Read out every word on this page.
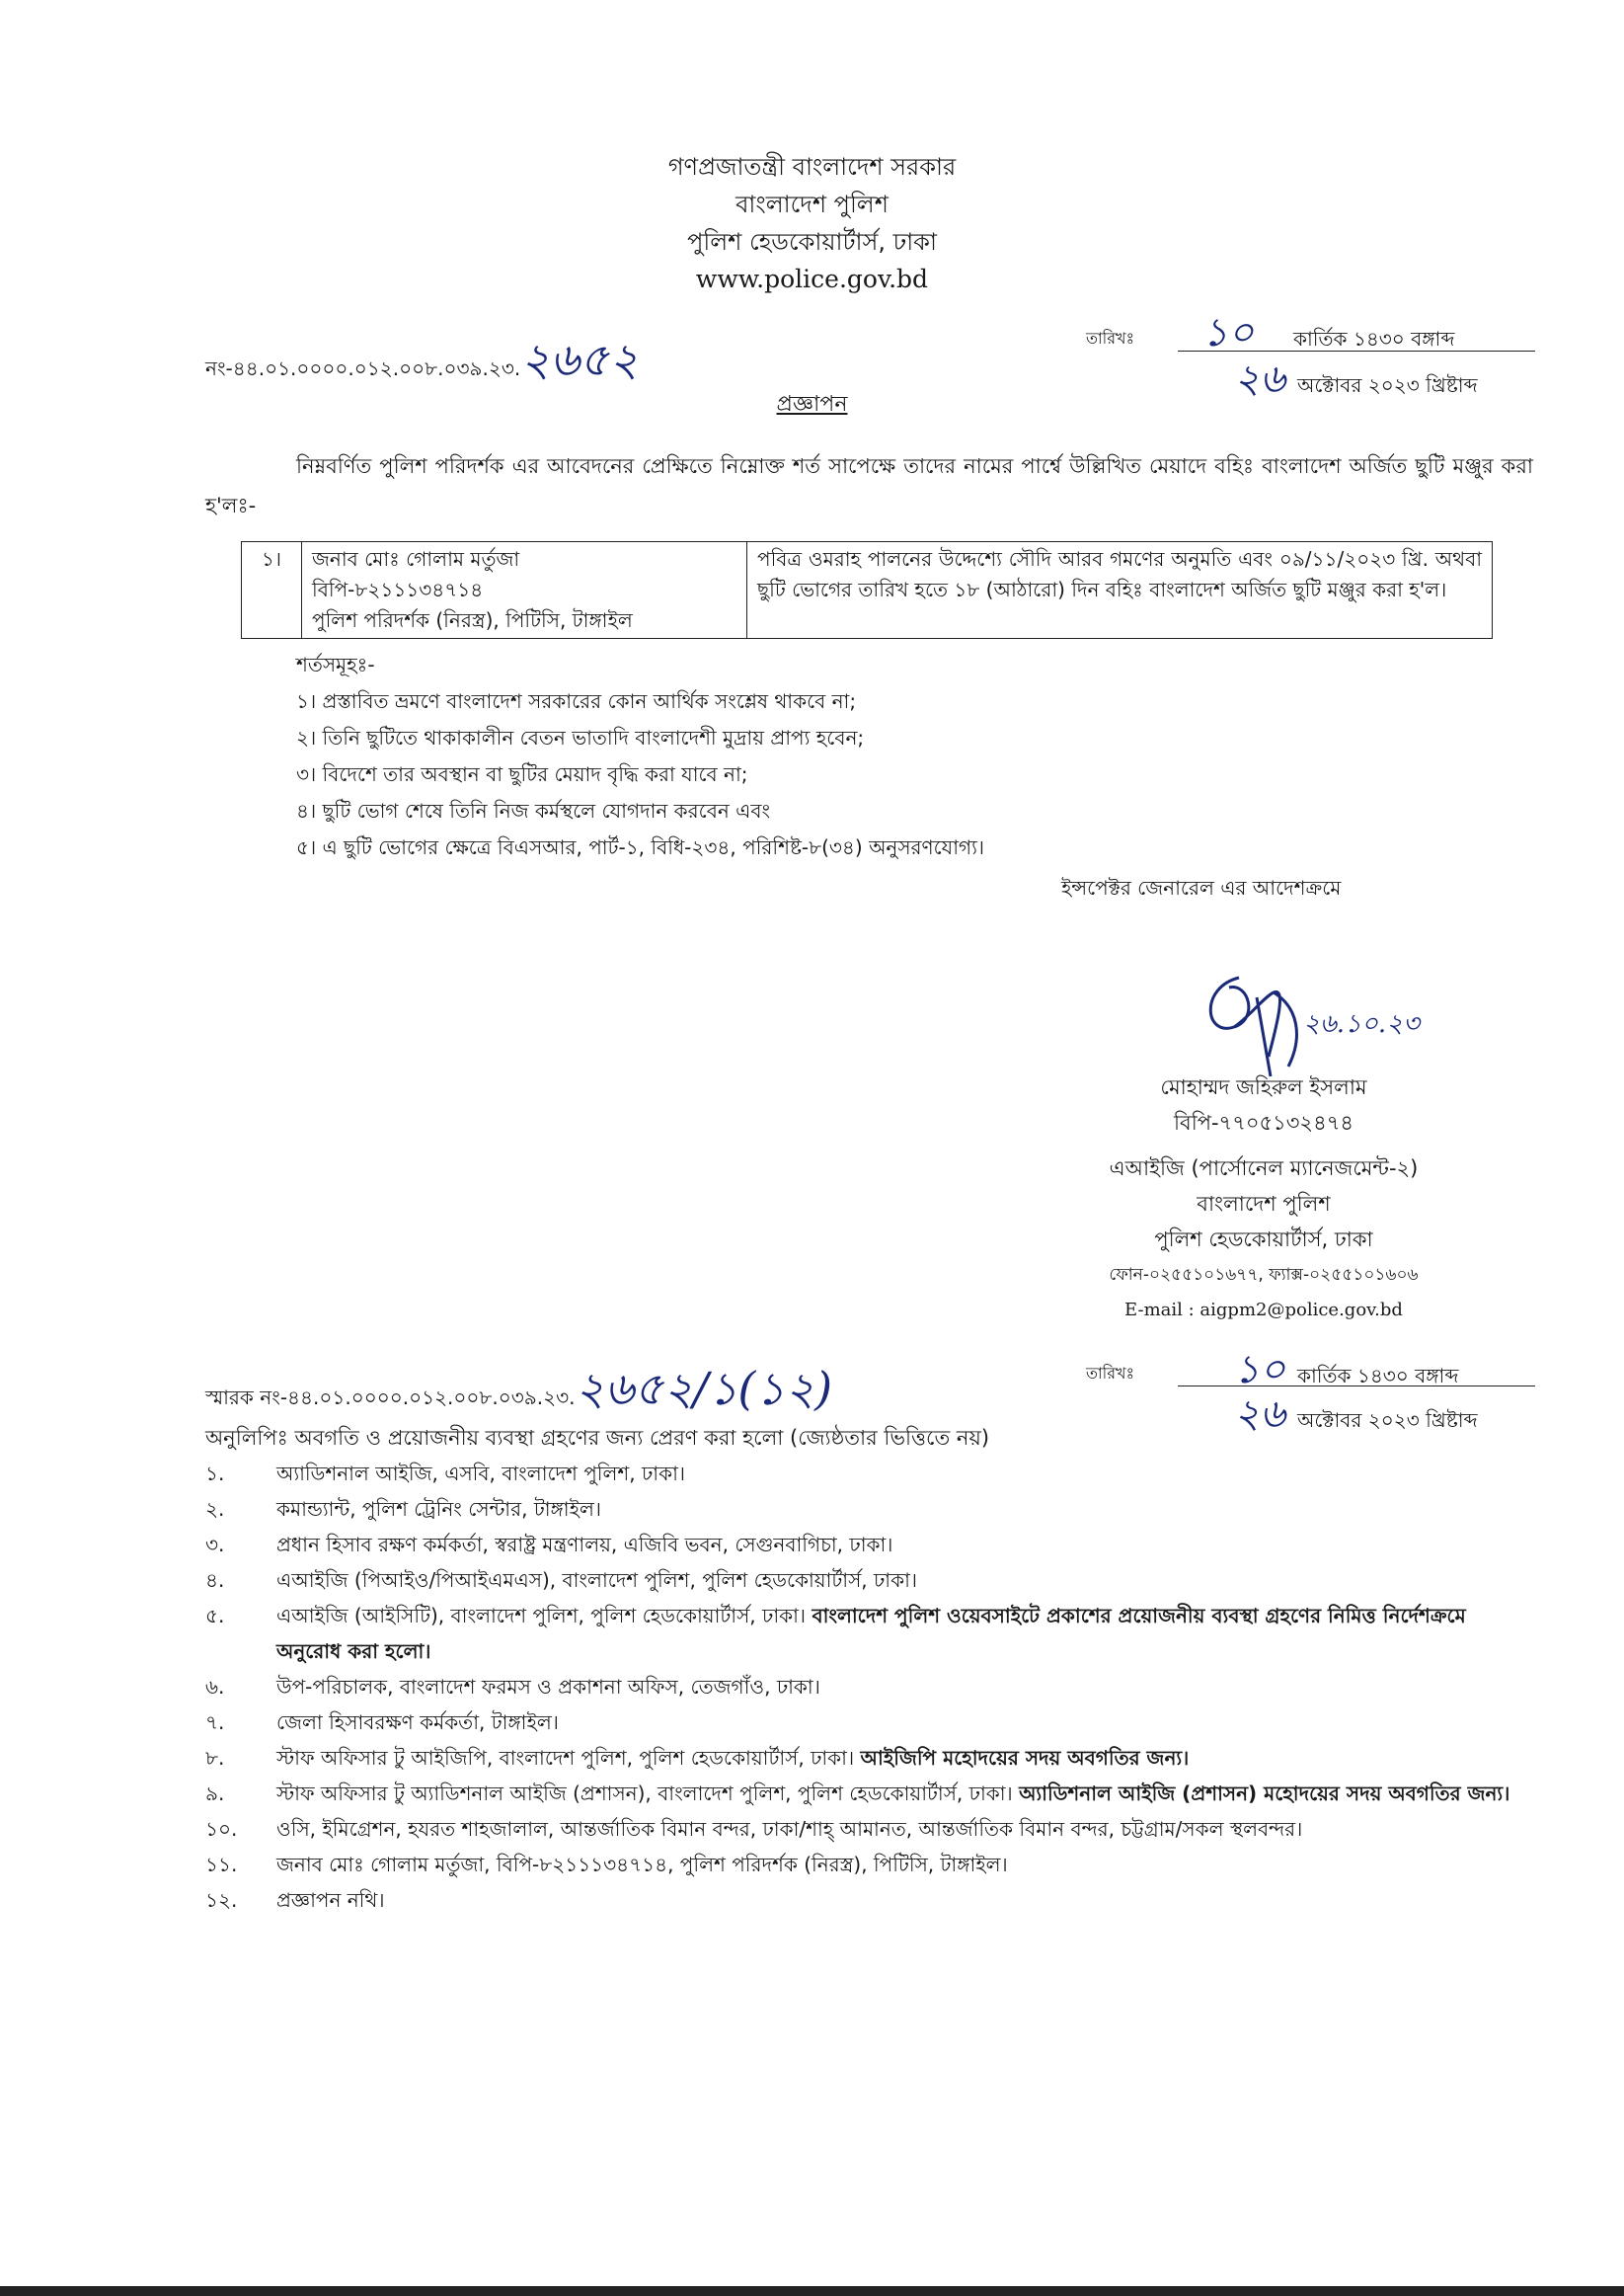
গণপ্রজাতন্ত্রী বাংলাদেশ সরকার
বাংলাদেশ পুলিশ
পুলিশ হেডকোয়ার্টার্স, ঢাকা
www.police.gov.bd
নং-৪৪.০১.০০০০.০১২.০০৮.০৩৯.২৩.২৬৫২	তারিখঃ	১০ কার্তিক ১৪৩০ বঙ্গাব্দ
২৬ অক্টোবর ২০২৩ খ্রিষ্টাব্দ
প্রজ্ঞাপন
নিম্নবর্ণিত পুলিশ পরিদর্শক এর আবেদনের প্রেক্ষিতে নিম্নোক্ত শর্ত সাপেক্ষে তাদের নামের পার্শ্বে উল্লিখিত মেয়াদে বহিঃ বাংলাদেশ অর্জিত ছুটি মঞ্জুর করা হ'লঃ-
১।	জনাব মোঃ গোলাম মর্তুজা
বিপি-৮২১১১৩৪৭১৪
পুলিশ পরিদর্শক (নিরস্ত্র), পিটিসি, টাঙ্গাইল
	পবিত্র ওমরাহ পালনের উদ্দেশ্যে সৌদি আরব গমণের অনুমতি এবং ০৯/১১/২০২৩ খ্রি. অথবা ছুটি ভোগের তারিখ হতে ১৮ (আঠারো) দিন বহিঃ বাংলাদেশ অর্জিত ছুটি মঞ্জুর করা হ'ল।
শর্তসমূহঃ-
১। প্রস্তাবিত ভ্রমণে বাংলাদেশ সরকারের কোন আর্থিক সংশ্লেষ থাকবে না;
২। তিনি ছুটিতে থাকাকালীন বেতন ভাতাদি বাংলাদেশী মুদ্রায় প্রাপ্য হবেন;
৩। বিদেশে তার অবস্থান বা ছুটির মেয়াদ বৃদ্ধি করা যাবে না;
৪। ছুটি ভোগ শেষে তিনি নিজ কর্মস্থলে যোগদান করবেন এবং
৫। এ ছুটি ভোগের ক্ষেত্রে বিএসআর, পার্ট-১, বিধি-২৩৪, পরিশিষ্ট-৮(৩৪) অনুসরণযোগ্য।
ইন্সপেক্টর জেনারেল এর আদেশক্রমে
২৬.১০.২৩
মোহাম্মদ জহিরুল ইসলাম
বিপি-৭৭০৫১৩২৪৭৪
এআইজি (পার্সোনেল ম্যানেজমেন্ট-২)
বাংলাদেশ পুলিশ
পুলিশ হেডকোয়ার্টার্স, ঢাকা
ফোন-০২৫৫১০১৬৭৭, ফ্যাক্স-০২৫৫১০১৬০৬
E-mail : aigpm2@police.gov.bd
স্মারক নং-৪৪.০১.০০০০.০১২.০০৮.০৩৯.২৩.২৬৫২/১(১২)	তারিখঃ	১০ কার্তিক ১৪৩০ বঙ্গাব্দ
২৬ অক্টোবর ২০২৩ খ্রিষ্টাব্দ
অনুলিপিঃ অবগতি ও প্রয়োজনীয় ব্যবস্থা গ্রহণের জন্য প্রেরণ করা হলো (জ্যেষ্ঠতার ভিত্তিতে নয়)
১.	অ্যাডিশনাল আইজি, এসবি, বাংলাদেশ পুলিশ, ঢাকা।
২.	কমান্ড্যান্ট, পুলিশ ট্রেনিং সেন্টার, টাঙ্গাইল।
৩.	প্রধান হিসাব রক্ষণ কর্মকর্তা, স্বরাষ্ট্র মন্ত্রণালয়, এজিবি ভবন, সেগুনবাগিচা, ঢাকা।
৪.	এআইজি (পিআইও/পিআইএমএস), বাংলাদেশ পুলিশ, পুলিশ হেডকোয়ার্টার্স, ঢাকা।
৫.	এআইজি (আইসিটি), বাংলাদেশ পুলিশ, পুলিশ হেডকোয়ার্টার্স, ঢাকা। বাংলাদেশ পুলিশ ওয়েবসাইটে প্রকাশের প্রয়োজনীয় ব্যবস্থা গ্রহণের নিমিত্ত নির্দেশক্রমে অনুরোধ করা হলো।
৬.	উপ-পরিচালক, বাংলাদেশ ফরমস ও প্রকাশনা অফিস, তেজগাঁও, ঢাকা।
৭.	জেলা হিসাবরক্ষণ কর্মকর্তা, টাঙ্গাইল।
৮.	স্টাফ অফিসার টু আইজিপি, বাংলাদেশ পুলিশ, পুলিশ হেডকোয়ার্টার্স, ঢাকা। আইজিপি মহোদয়ের সদয় অবগতির জন্য।
৯.	স্টাফ অফিসার টু অ্যাডিশনাল আইজি (প্রশাসন), বাংলাদেশ পুলিশ, পুলিশ হেডকোয়ার্টার্স, ঢাকা। অ্যাডিশনাল আইজি (প্রশাসন) মহোদয়ের সদয় অবগতির জন্য।
১০.	ওসি, ইমিগ্রেশন, হযরত শাহজালাল, আন্তর্জাতিক বিমান বন্দর, ঢাকা/শাহ্ আমানত, আন্তর্জাতিক বিমান বন্দর, চট্টগ্রাম/সকল স্থলবন্দর।
১১.	জনাব মোঃ গোলাম মর্তুজা, বিপি-৮২১১১৩৪৭১৪, পুলিশ পরিদর্শক (নিরস্ত্র), পিটিসি, টাঙ্গাইল।
১২.	প্রজ্ঞাপন নথি।
